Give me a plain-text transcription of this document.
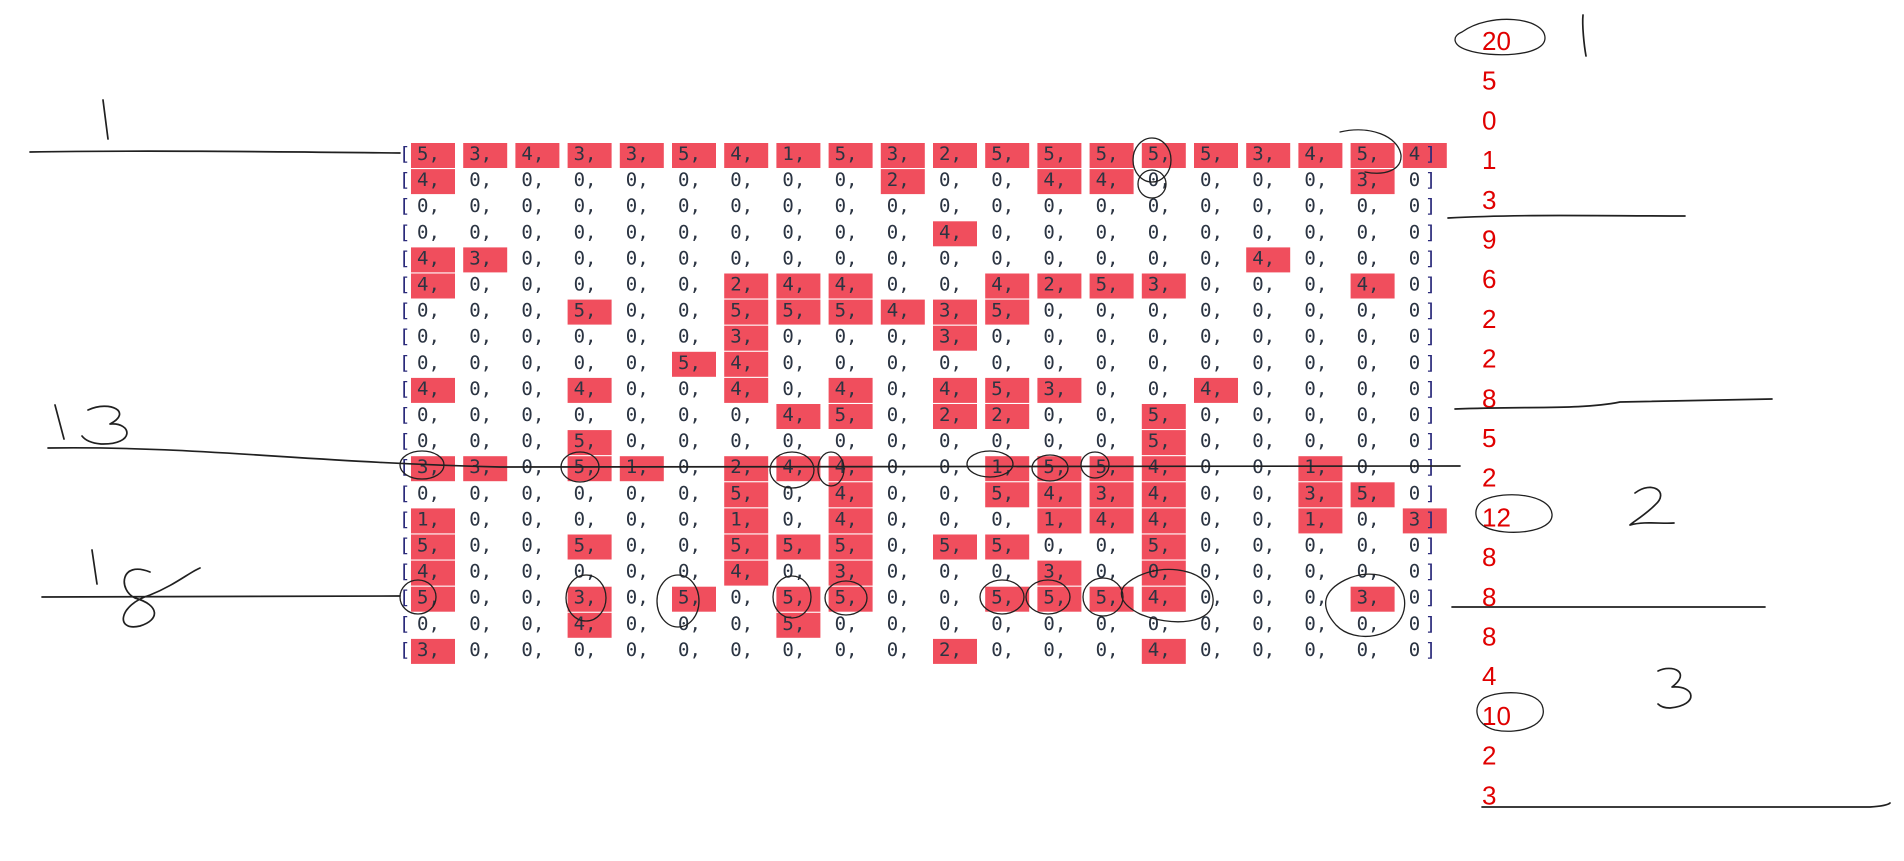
[ 5, 3, 4, 3, 3, 5, 4, 1, 5, 3, 2, 5, 5, 5, 5, 5, 3, 4, 5, 4 ]
[ 4, 0, 0, 0, 0, 0, 0, 0, 0, 2, 0, 0, 4, 4, 0, 0, 0, 0, 3, 0 ]
[ 0, 0, 0, 0, 0, 0, 0, 0, 0, 0, 0, 0, 0, 0, 0, 0, 0, 0, 0, 0 ]
[ 0, 0, 0, 0, 0, 0, 0, 0, 0, 0, 4, 0, 0, 0, 0, 0, 0, 0, 0, 0 ]
[ 4, 3, 0, 0, 0, 0, 0, 0, 0, 0, 0, 0, 0, 0, 0, 0, 4, 0, 0, 0 ]
[ 4, 0, 0, 0, 0, 0, 2, 4, 4, 0, 0, 4, 2, 5, 3, 0, 0, 0, 4, 0 ]
[ 0, 0, 0, 5, 0, 0, 5, 5, 5, 4, 3, 5, 0, 0, 0, 0, 0, 0, 0, 0 ]
[ 0, 0, 0, 0, 0, 0, 3, 0, 0, 0, 3, 0, 0, 0, 0, 0, 0, 0, 0, 0 ]
[ 0, 0, 0, 0, 0, 5, 4, 0, 0, 0, 0, 0, 0, 0, 0, 0, 0, 0, 0, 0 ]
[ 4, 0, 0, 4, 0, 0, 4, 0, 4, 0, 4, 5, 3, 0, 0, 4, 0, 0, 0, 0 ]
[ 0, 0, 0, 0, 0, 0, 0, 4, 5, 0, 2, 2, 0, 0, 5, 0, 0, 0, 0, 0 ]
[ 0, 0, 0, 5, 0, 0, 0, 0, 0, 0, 0, 0, 0, 0, 5, 0, 0, 0, 0, 0 ]
[ 3, 3, 0, 5, 1, 0, 2, 4, 4, 0, 0, 1, 5, 5, 4, 0, 0, 1, 0, 0 ]
[ 0, 0, 0, 0, 0, 0, 5, 0, 4, 0, 0, 5, 4, 3, 4, 0, 0, 3, 5, 0 ]
[ 1, 0, 0, 0, 0, 0, 1, 0, 4, 0, 0, 0, 1, 4, 4, 0, 0, 1, 0, 3 ]
[ 5, 0, 0, 5, 0, 0, 5, 5, 5, 0, 5, 5, 0, 0, 5, 0, 0, 0, 0, 0 ]
[ 4, 0, 0, 0, 0, 0, 4, 0, 3, 0, 0, 0, 3, 0, 0, 0, 0, 0, 0, 0 ]
[ 5, 0, 0, 3, 0, 5, 0, 5, 5, 0, 0, 5, 5, 5, 4, 0, 0, 0, 3, 0 ]
[ 0, 0, 0, 4, 0, 0, 0, 5, 0, 0, 0, 0, 0, 0, 0, 0, 0, 0, 0, 0 ]
[ 3, 0, 0, 0, 0, 0, 0, 0, 0, 0, 2, 0, 0, 0, 4, 0, 0, 0, 0, 0 ]
20
5
0
1
3
9
6
2
2
8
5
2
12
8
8
8
4
10
2
3
